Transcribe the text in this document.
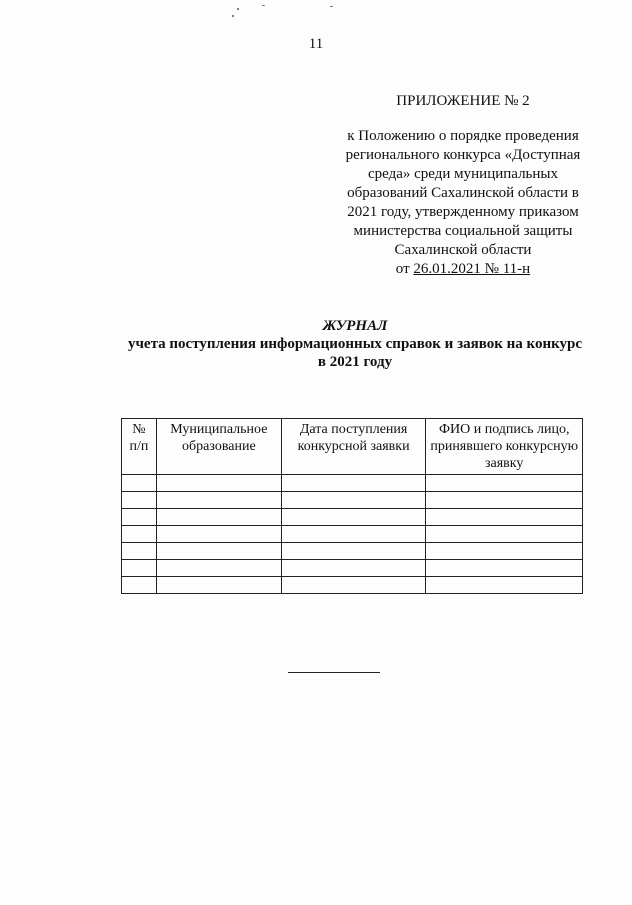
11
ПРИЛОЖЕНИЕ № 2
к Положению о порядке проведения
регионального конкурса «Доступная
среда» среди муниципальных
образований Сахалинской области в
2021 году, утвержденному приказом
министерства социальной защиты
Сахалинской области
от 26.01.2021 № 11-н
ЖУРНАЛ
учета поступления информационных справок и заявок на конкурс
в 2021 году
№ п/п	Муниципальное образование	Дата поступления конкурсной заявки	ФИО и подпись лицо, принявшего конкурсную заявку
